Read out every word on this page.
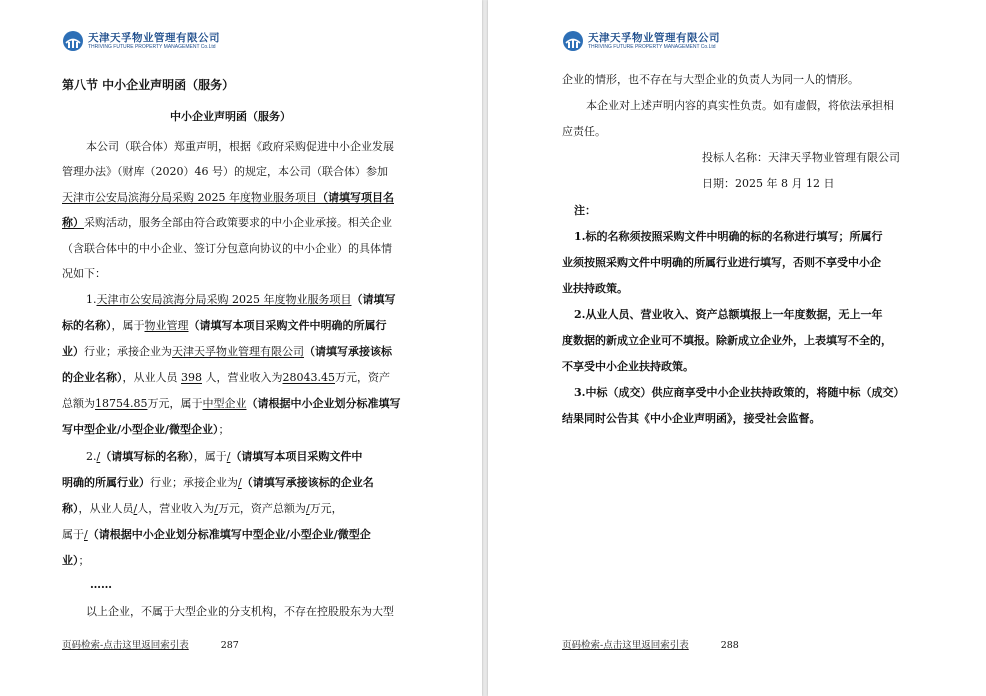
天津天孚物业管理有限公司
THRIVING FUTURE PROPERTY MANAGEMENT Co.Ltd
第八节 中小企业声明函（服务）
中小企业声明函（服务）
本公司（联合体）郑重声明，根据《政府采购促进中小企业发展
管理办法》（财库（2020）46 号）的规定，本公司（联合体）参加
天津市公安局滨海分局采购 2025 年度物业服务项目（请填写项目名
称）采购活动，服务全部由符合政策要求的中小企业承接。相关企业
（含联合体中的中小企业、签订分包意向协议的中小企业）的具体情
况如下：
1.天津市公安局滨海分局采购 2025 年度物业服务项目（请填写
标的名称），属于物业管理（请填写本项目采购文件中明确的所属行
业）行业；承接企业为天津天孚物业管理有限公司（请填写承接该标
的企业名称），从业人员 398 人，营业收入为28043.45万元，资产
总额为18754.85万元，属于中型企业（请根据中小企业划分标准填写
写中型企业/小型企业/微型企业）；
2./（请填写标的名称），属于/（请填写本项目采购文件中
明确的所属行业）行业；承接企业为/（请填写承接该标的企业名
称），从业人员/人，营业收入为/万元，资产总额为/万元，
属于/（请根据中小企业划分标准填写中型企业/小型企业/微型企
业）；
……
以上企业，不属于大型企业的分支机构，不存在控股股东为大型
页码检索-点击这里返回索引表	287
天津天孚物业管理有限公司
THRIVING FUTURE PROPERTY MANAGEMENT Co.Ltd
企业的情形，也不存在与大型企业的负责人为同一人的情形。
本企业对上述声明内容的真实性负责。如有虚假，将依法承担相
应责任。
投标人名称：天津天孚物业管理有限公司
日期：2025 年 8 月 12 日
注：
1.标的名称须按照采购文件中明确的标的名称进行填写；所属行
业须按照采购文件中明确的所属行业进行填写，否则不享受中小企
业扶持政策。
2.从业人员、营业收入、资产总额填报上一年度数据，无上一年
度数据的新成立企业可不填报。除新成立企业外，上表填写不全的，
不享受中小企业扶持政策。
3.中标（成交）供应商享受中小企业扶持政策的，将随中标（成交）
结果同时公告其《中小企业声明函》，接受社会监督。
页码检索-点击这里返回索引表	288
